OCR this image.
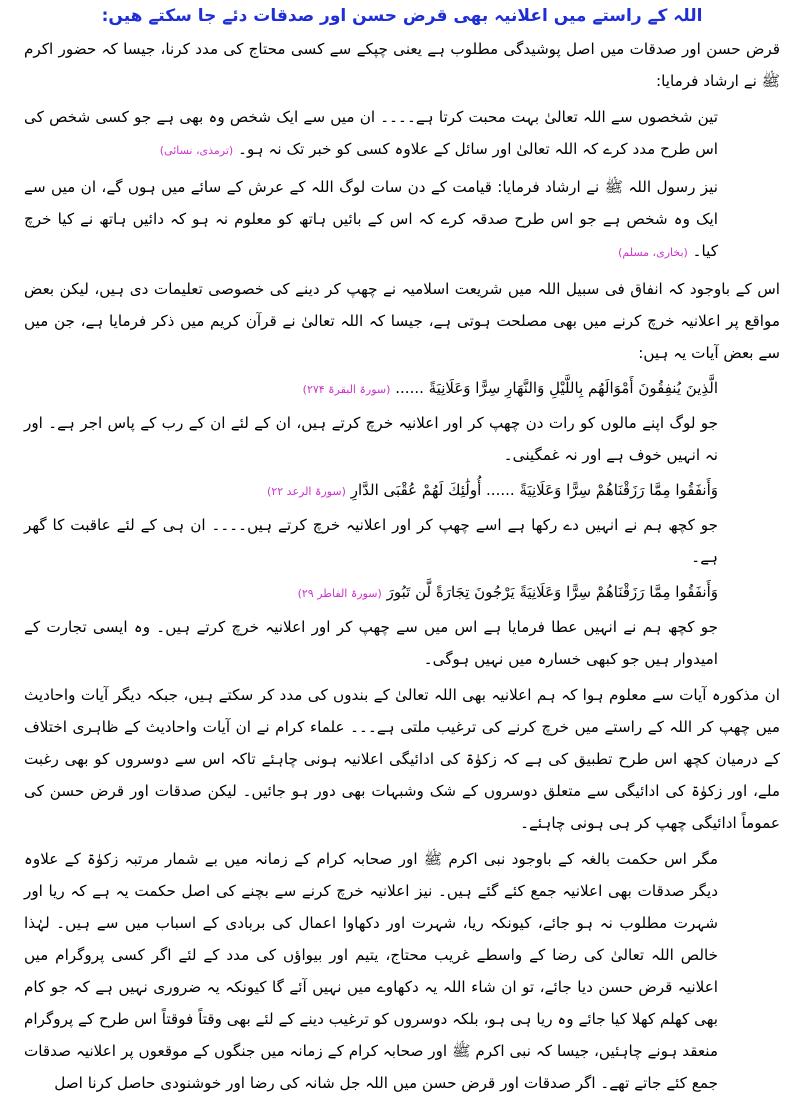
اللہ کے راستے میں اعلانیہ بھی قرض حسن اور صدقات دئے جا سکتے ھیں:

قرض حسن اور صدقات میں اصل پوشیدگی مطلوب ہے یعنی چپکے سے کسی محتاج کی مدد کرنا، جیسا کہ حضور اکرم ﷺ نے ارشاد فرمایا:

تین شخصوں سے اللہ تعالیٰ بہت محبت کرتا ہے۔۔۔۔ ان میں سے ایک شخص وہ بھی ہے جو کسی شخص کی اس طرح مدد کرے کہ اللہ تعالیٰ اور سائل کے علاوہ کسی کو خبر تک نہ ہو۔ (ترمذی، نسائی)

نیز رسول اللہ ﷺ نے ارشاد فرمایا: قیامت کے دن سات لوگ اللہ کے عرش کے سائے میں ہوں گے، ان میں سے ایک وہ شخص ہے جو اس طرح صدقہ کرے کہ اس کے بائیں ہاتھ کو معلوم نہ ہو کہ دائیں ہاتھ نے کیا خرچ کیا۔ (بخاری، مسلم)

اس کے باوجود کہ انفاق فی سبیل اللہ میں شریعت اسلامیہ نے چھپ کر دینے کی خصوصی تعلیمات دی ہیں، لیکن بعض مواقع پر اعلانیہ خرچ کرنے میں بھی مصلحت ہوتی ہے، جیسا کہ اللہ تعالیٰ نے قرآن کریم میں ذکر فرمایا ہے، جن میں سے بعض آیات یہ ہیں:

الَّذِينَ يُنفِقُونَ أَمْوَالَهُم بِاللَّيْلِ وَالنَّهَارِ سِرًّا وَعَلَانِيَةً ...... (سورۃ البقرۃ ۲۷۴)

جو لوگ اپنے مالوں کو رات دن چھپ کر اور اعلانیہ خرچ کرتے ہیں، ان کے لئے ان کے رب کے پاس اجر ہے۔ اور نہ انہیں خوف ہے اور نہ غمگینی۔

وَأَنفَقُوا مِمَّا رَزَقْنَاهُمْ سِرًّا وَعَلَانِيَةً ...... أُولَٰئِكَ لَهُمْ عُقْبَى الدَّارِ (سورۃ الرعد ۲۲)

جو کچھ ہم نے انہیں دے رکھا ہے اسے چھپ کر اور اعلانیہ خرچ کرتے ہیں۔۔۔۔ ان ہی کے لئے عاقبت کا گھر ہے۔

وَأَنفَقُوا مِمَّا رَزَقْنَاهُمْ سِرًّا وَعَلَانِيَةً يَرْجُونَ تِجَارَةً لَّن تَبُورَ (سورۃ الفاطر ۲۹)

جو کچھ ہم نے انہیں عطا فرمایا ہے اس میں سے چھپ کر اور اعلانیہ خرچ کرتے ہیں۔ وہ ایسی تجارت کے امیدوار ہیں جو کبھی خسارہ میں نہیں ہوگی۔

ان مذکورہ آیات سے معلوم ہوا کہ ہم اعلانیہ بھی اللہ تعالیٰ کے بندوں کی مدد کر سکتے ہیں، جبکہ دیگر آیات واحادیث میں چھپ کر اللہ کے راستے میں خرچ کرنے کی ترغیب ملتی ہے۔۔۔ علماء کرام نے ان آیات واحادیث کے ظاہری اختلاف کے درمیان کچھ اس طرح تطبیق کی ہے کہ زکوٰۃ کی ادائیگی اعلانیہ ہونی چاہئے تاکہ اس سے دوسروں کو بھی رغبت ملے، اور زکوٰۃ کی ادائیگی سے متعلق دوسروں کے شک وشبہات بھی دور ہو جائیں۔ لیکن صدقات اور قرض حسن کی عموماً ادائیگی چھپ کر ہی ہونی چاہئے۔

مگر اس حکمت بالغہ کے باوجود نبی اکرم ﷺ اور صحابہ کرام کے زمانہ میں بے شمار مرتبہ زکوٰۃ کے علاوہ دیگر صدقات بھی اعلانیہ جمع کئے گئے ہیں۔ نیز اعلانیہ خرچ کرنے سے بچنے کی اصل حکمت یہ ہے کہ ریا اور شہرت مطلوب نہ ہو جائے، کیونکہ ریا، شہرت اور دکھاوا اعمال کی بربادی کے اسباب میں سے ہیں۔ لہٰذا خالص اللہ تعالیٰ کی رضا کے واسطے غریب محتاج، یتیم اور بیواؤں کی مدد کے لئے اگر کسی پروگرام میں اعلانیہ قرض حسن دیا جائے، تو ان شاء اللہ یہ دکھاوے میں نہیں آئے گا کیونکہ یہ ضروری نہیں ہے کہ جو کام بھی کھلم کھلا کیا جائے وہ ریا ہی ہو، بلکہ دوسروں کو ترغیب دینے کے لئے بھی وقتاً فوقتاً اس طرح کے پروگرام منعقد ہونے چاہئیں، جیسا کہ نبی اکرم ﷺ اور صحابہ کرام کے زمانہ میں جنگوں کے موقعوں پر اعلانیہ صدقات جمع کئے جاتے تھے۔ اگر صدقات اور قرض حسن میں اللہ جل شانہ کی رضا اور خوشنودی حاصل کرنا اصل
